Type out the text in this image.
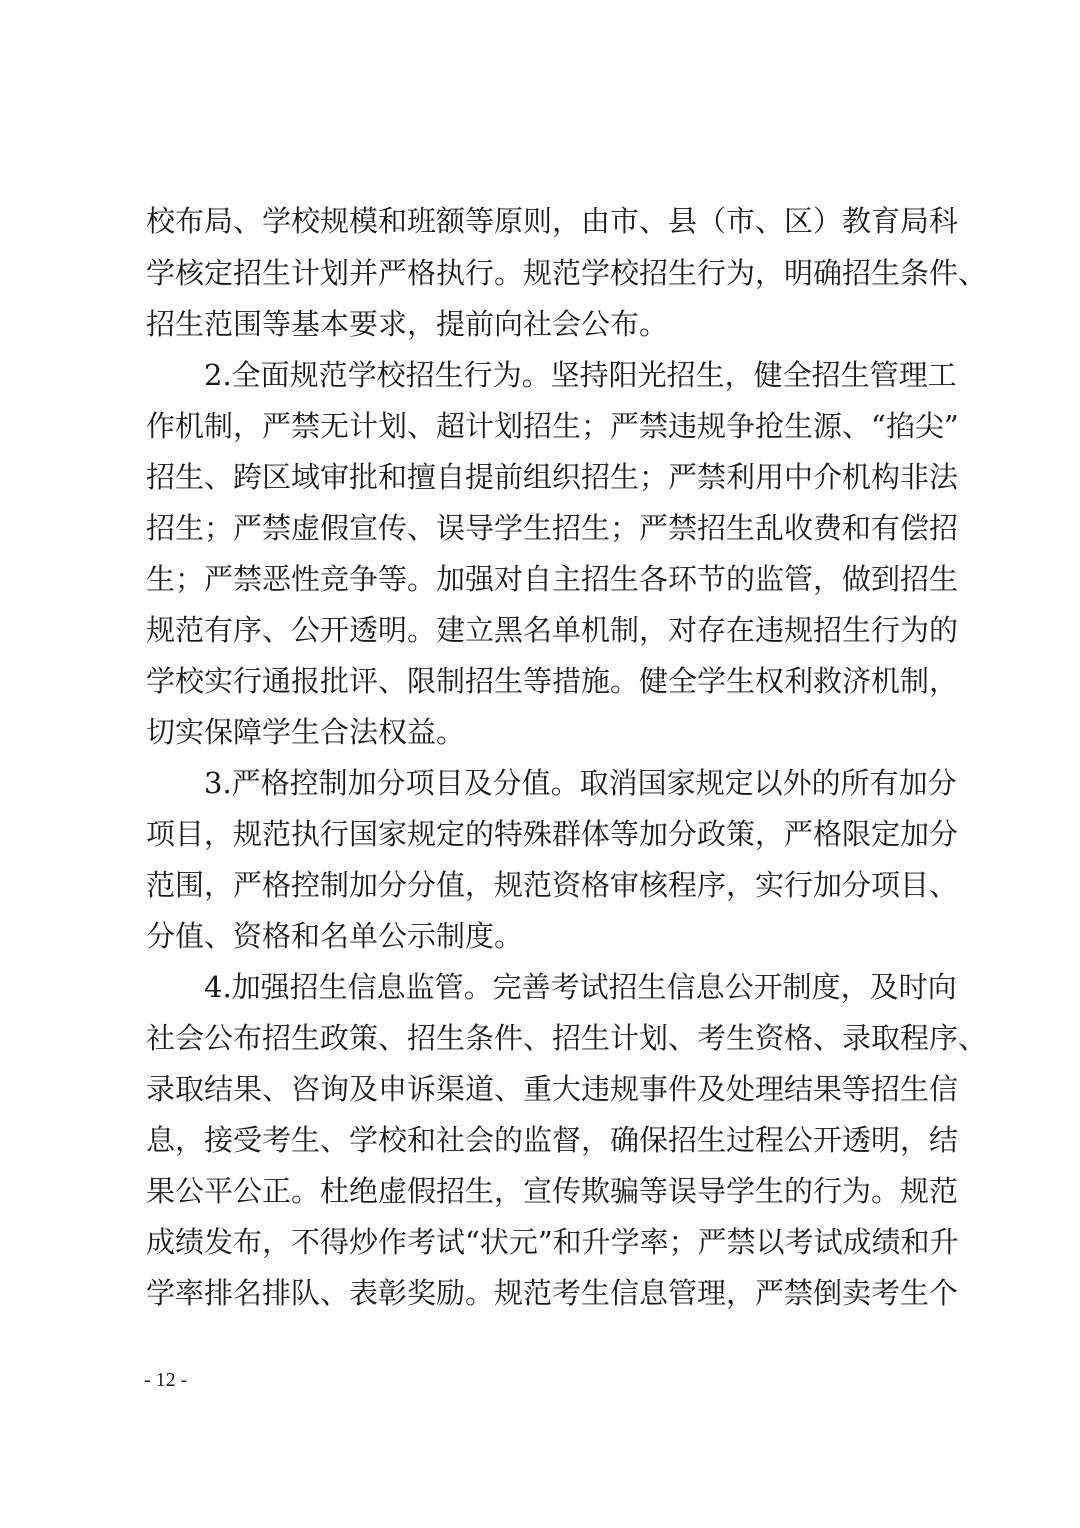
校布局、学校规模和班额等原则，由市、县（市、区）教育局科
学核定招生计划并严格执行。规范学校招生行为，明确招生条件、
招生范围等基本要求，提前向社会公布。
2.全面规范学校招生行为。坚持阳光招生，健全招生管理工
作机制，严禁无计划、超计划招生；严禁违规争抢生源、“掐尖”
招生、跨区域审批和擅自提前组织招生；严禁利用中介机构非法
招生；严禁虚假宣传、误导学生招生；严禁招生乱收费和有偿招
生；严禁恶性竞争等。加强对自主招生各环节的监管，做到招生
规范有序、公开透明。建立黑名单机制，对存在违规招生行为的
学校实行通报批评、限制招生等措施。健全学生权利救济机制，
切实保障学生合法权益。
3.严格控制加分项目及分值。取消国家规定以外的所有加分
项目，规范执行国家规定的特殊群体等加分政策，严格限定加分
范围，严格控制加分分值，规范资格审核程序，实行加分项目、
分值、资格和名单公示制度。
4.加强招生信息监管。完善考试招生信息公开制度，及时向
社会公布招生政策、招生条件、招生计划、考生资格、录取程序、
录取结果、咨询及申诉渠道、重大违规事件及处理结果等招生信
息，接受考生、学校和社会的监督，确保招生过程公开透明，结
果公平公正。杜绝虚假招生，宣传欺骗等误导学生的行为。规范
成绩发布，不得炒作考试“状元”和升学率；严禁以考试成绩和升
学率排名排队、表彰奖励。规范考生信息管理，严禁倒卖考生个
- 12 -
